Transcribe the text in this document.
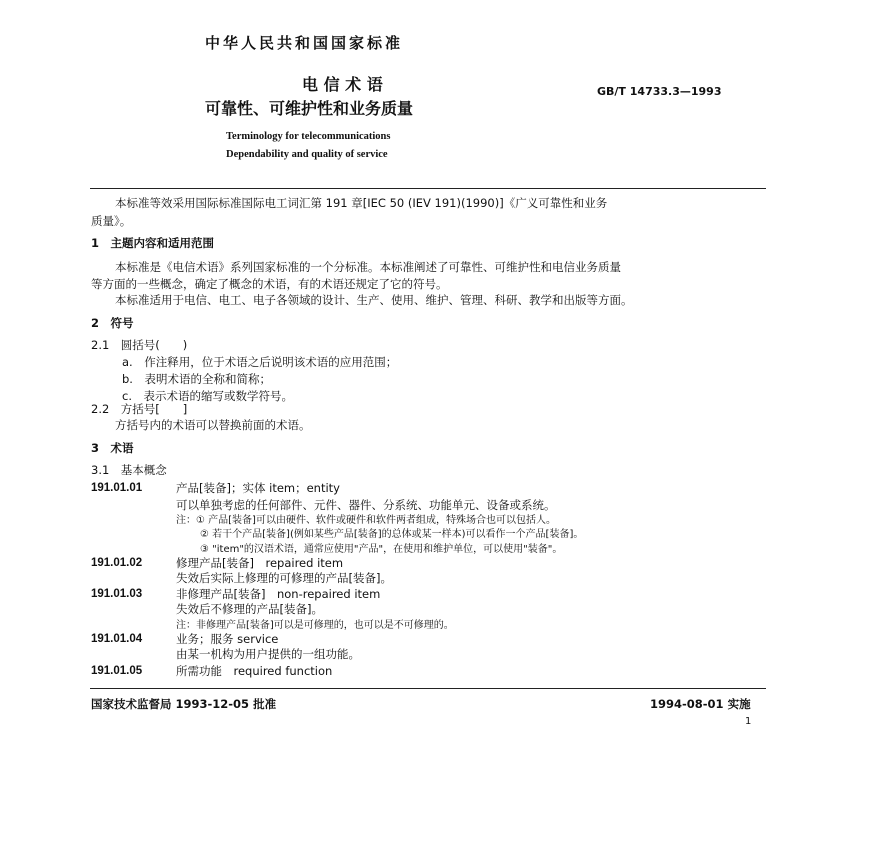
中华人民共和国国家标准
电 信 术 语
可靠性、可维护性和业务质量
GB/T 14733.3—1993
Terminology for telecommunications
Dependability and quality of service
本标准等效采用国际标准国际电工词汇第 191 章[IEC 50 (IEV 191)(1990)]《广义可靠性和业务
质量》。
1　主题内容和适用范围
本标准是《电信术语》系列国家标准的一个分标准。本标准阐述了可靠性、可维护性和电信业务质量
等方面的一些概念，确定了概念的术语，有的术语还规定了它的符号。
本标准适用于电信、电工、电子各领域的设计、生产、使用、维护、管理、科研、教学和出版等方面。
2　符号
2.1　圆括号(　　)
a.　作注释用，位于术语之后说明该术语的应用范围；
b.　表明术语的全称和简称；
c.　表示术语的缩写或数学符号。
2.2　方括号[　　]
方括号内的术语可以替换前面的术语。
3　术语
3.1　基本概念
191.01.01	产品[装备]；实体 item；entity
可以单独考虑的任何部件、元件、器件、分系统、功能单元、设备或系统。
注：① 产品[装备]可以由硬件、软件或硬件和软件两者组成，特殊场合也可以包括人。
② 若干个产品[装备](例如某些产品[装备]的总体或某一样本)可以看作一个产品[装备]。
③ "item"的汉语术语，通常应使用"产品"，在使用和维护单位，可以使用"装备"。
191.01.02	修理产品[装备]　repaired item
失效后实际上修理的可修理的产品[装备]。
191.01.03	非修理产品[装备]　non-repaired item
失效后不修理的产品[装备]。
注：非修理产品[装备]可以是可修理的，也可以是不可修理的。
191.01.04	业务；服务 service
由某一机构为用户提供的一组功能。
191.01.05	所需功能　required function
国家技术监督局 1993-12-05 批准	1994-08-01 实施
1
